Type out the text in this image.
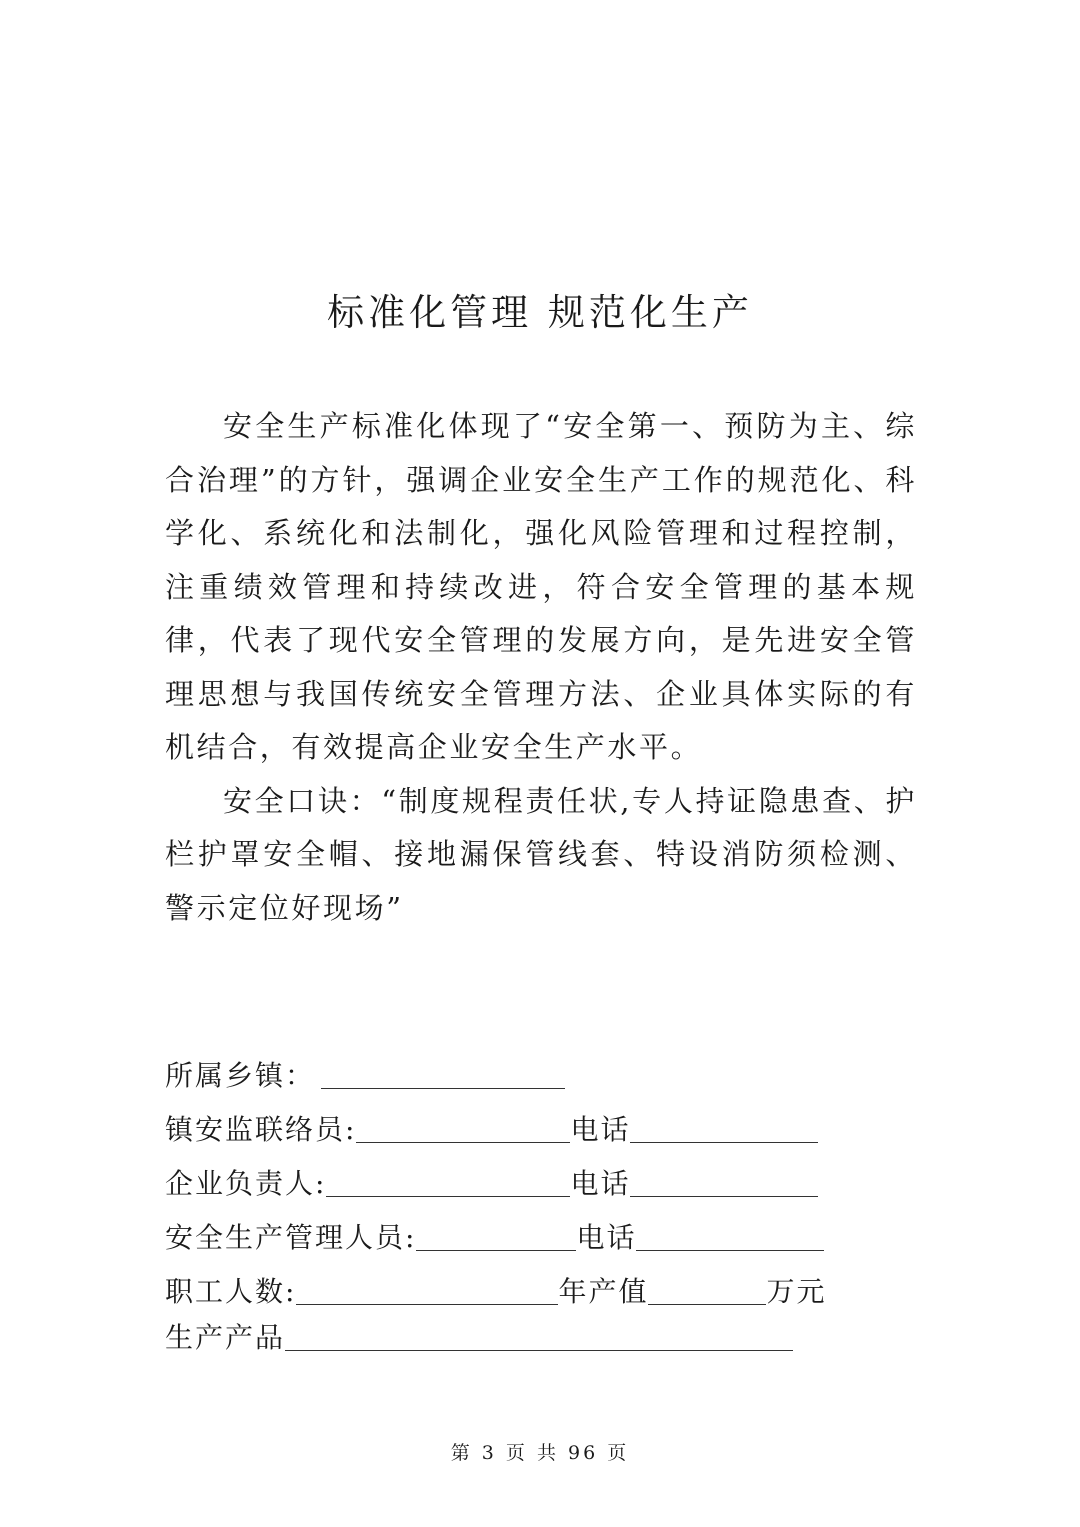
标准化管理 规范化生产

安全生产标准化体现了“安全第一、预防为主、综合治理”的方针，强调企业安全生产工作的规范化、科学化、系统化和法制化，强化风险管理和过程控制，注重绩效管理和持续改进，符合安全管理的基本规律，代表了现代安全管理的发展方向，是先进安全管理思想与我国传统安全管理方法、企业具体实际的有机结合，有效提高企业安全生产水平。

安全口诀：“制度规程责任状,专人持证隐患查、护栏护罩安全帽、接地漏保管线套、特设消防须检测、警示定位好现场”

所属乡镇：
镇安监联络员:	电话
企业负责人:	电话
安全生产管理人员:	电话
职工人数:	年产值	万元
生产产品
第 3 页 共 96 页
